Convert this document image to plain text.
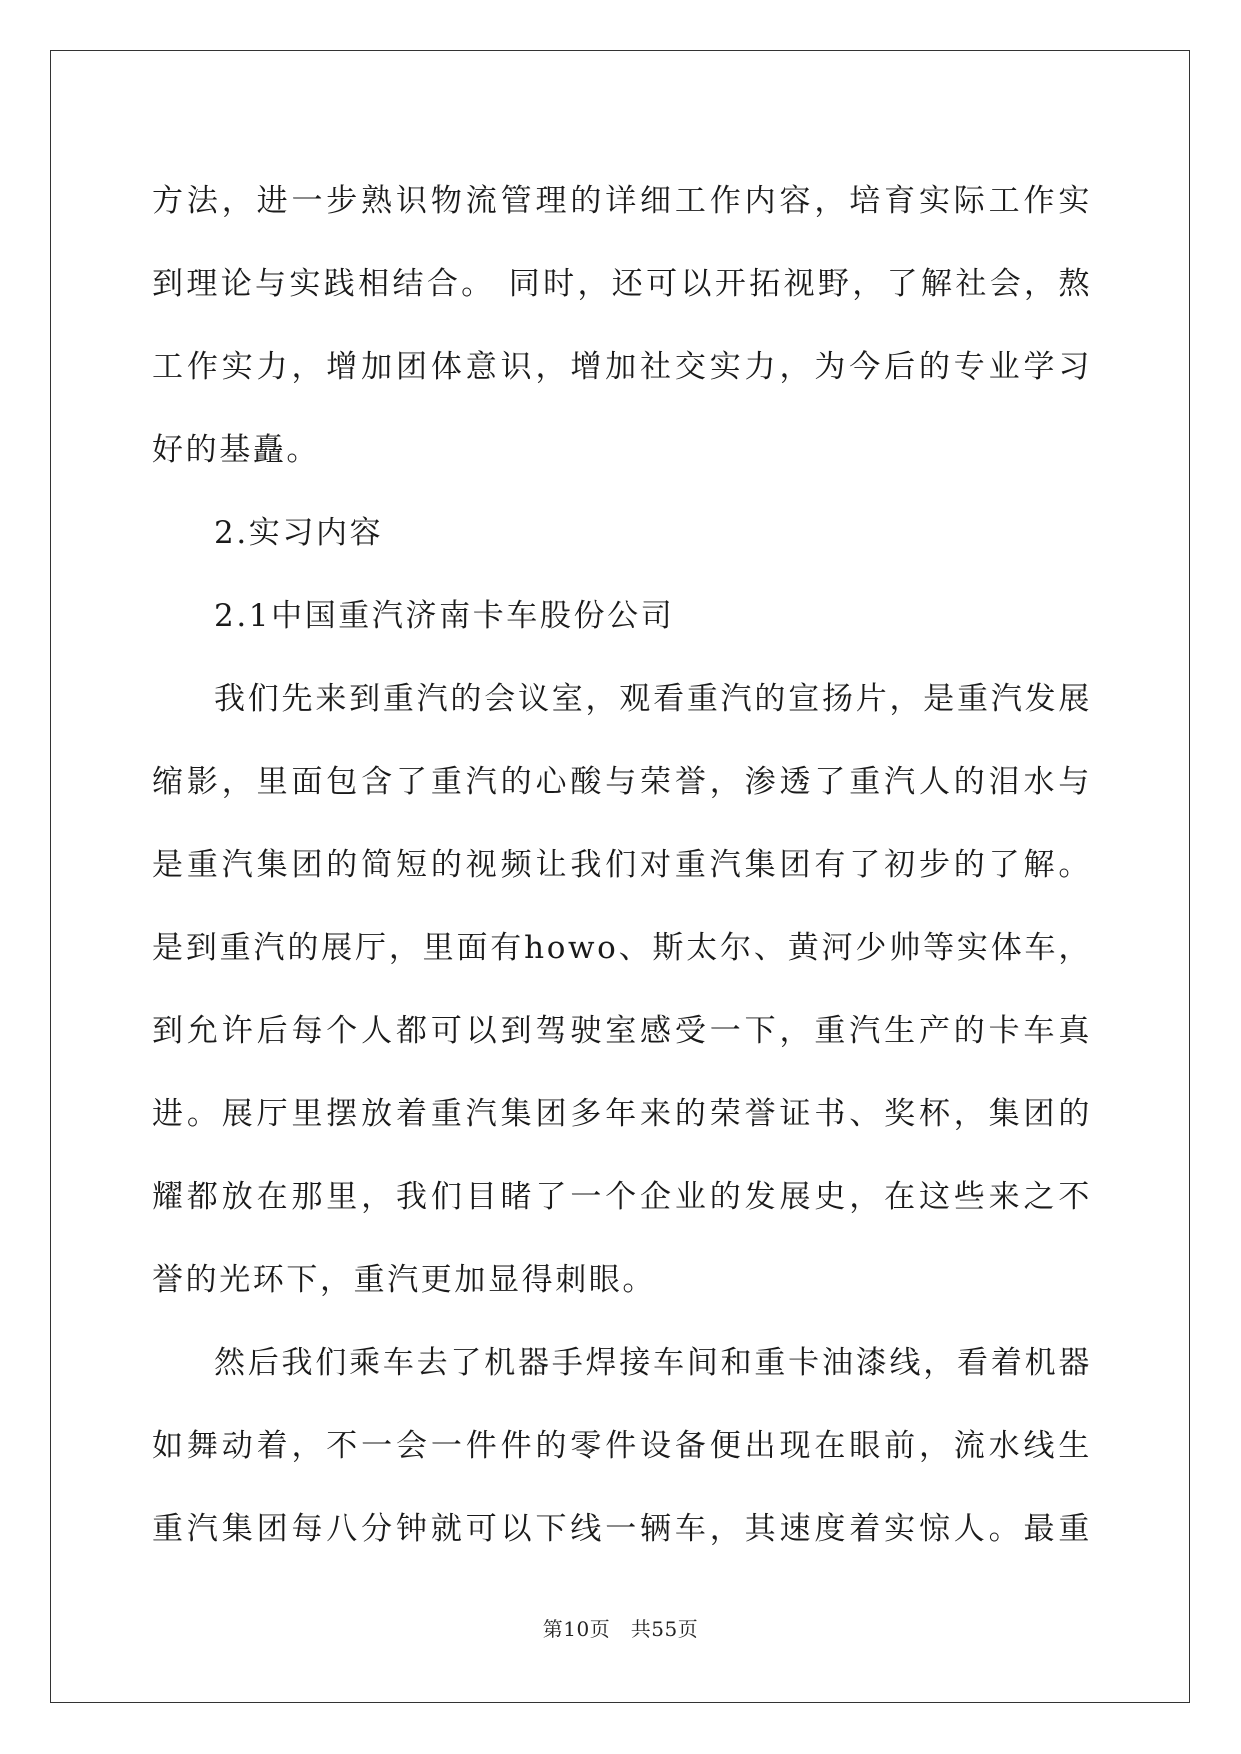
方法，进一步熟识物流管理的详细工作内容，培育实际工作实

到理论与实践相结合。 同时，还可以开拓视野，了解社会，熬

工作实力，增加团体意识，增加社交实力，为今后的专业学习

好的基矗。

2.实习内容

2.1中国重汽济南卡车股份公司

我们先来到重汽的会议室，观看重汽的宣扬片，是重汽发展

缩影，里面包含了重汽的心酸与荣誉，渗透了重汽人的泪水与

是重汽集团的简短的视频让我们对重汽集团有了初步的了解。

是到重汽的展厅，里面有howo、斯太尔、黄河少帅等实体车，

到允许后每个人都可以到驾驶室感受一下，重汽生产的卡车真

进。展厅里摆放着重汽集团多年来的荣誉证书、奖杯，集团的

耀都放在那里，我们目睹了一个企业的发展史，在这些来之不

誉的光环下，重汽更加显得刺眼。

然后我们乘车去了机器手焊接车间和重卡油漆线，看着机器

如舞动着，不一会一件件的零件设备便出现在眼前，流水线生

重汽集团每八分钟就可以下线一辆车，其速度着实惊人。最重

第10页　共55页
